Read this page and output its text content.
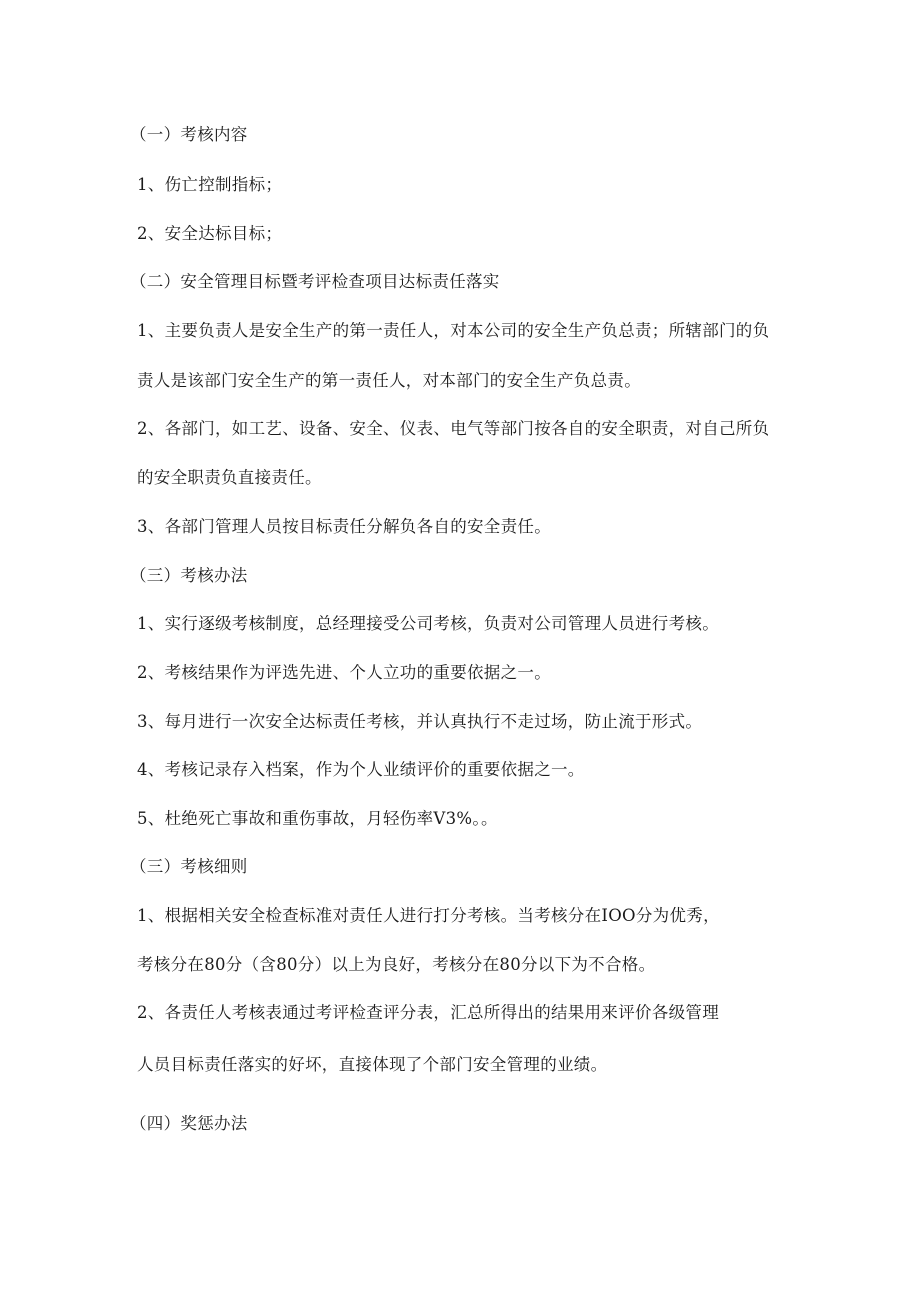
（一）考核内容
1、伤亡控制指标；
2、安全达标目标；
（二）安全管理目标暨考评检查项目达标责任落实
1、主要负责人是安全生产的第一责任人，对本公司的安全生产负总责；所辖部门的负
责人是该部门安全生产的第一责任人，对本部门的安全生产负总责。
2、各部门，如工艺、设备、安全、仪表、电气等部门按各自的安全职责，对自己所负
的安全职责负直接责任。
3、各部门管理人员按目标责任分解负各自的安全责任。
（三）考核办法
1、实行逐级考核制度，总经理接受公司考核，负责对公司管理人员进行考核。
2、考核结果作为评选先进、个人立功的重要依据之一。
3、每月进行一次安全达标责任考核，并认真执行不走过场，防止流于形式。
4、考核记录存入档案，作为个人业绩评价的重要依据之一。
5、杜绝死亡事故和重伤事故，月轻伤率V3%。。
（三）考核细则
1、根据相关安全检查标准对责任人进行打分考核。当考核分在IOO分为优秀，
考核分在80分（含80分）以上为良好，考核分在80分以下为不合格。
2、各责任人考核表通过考评检查评分表，汇总所得出的结果用来评价各级管理
人员目标责任落实的好坏，直接体现了个部门安全管理的业绩。
（四）奖惩办法
